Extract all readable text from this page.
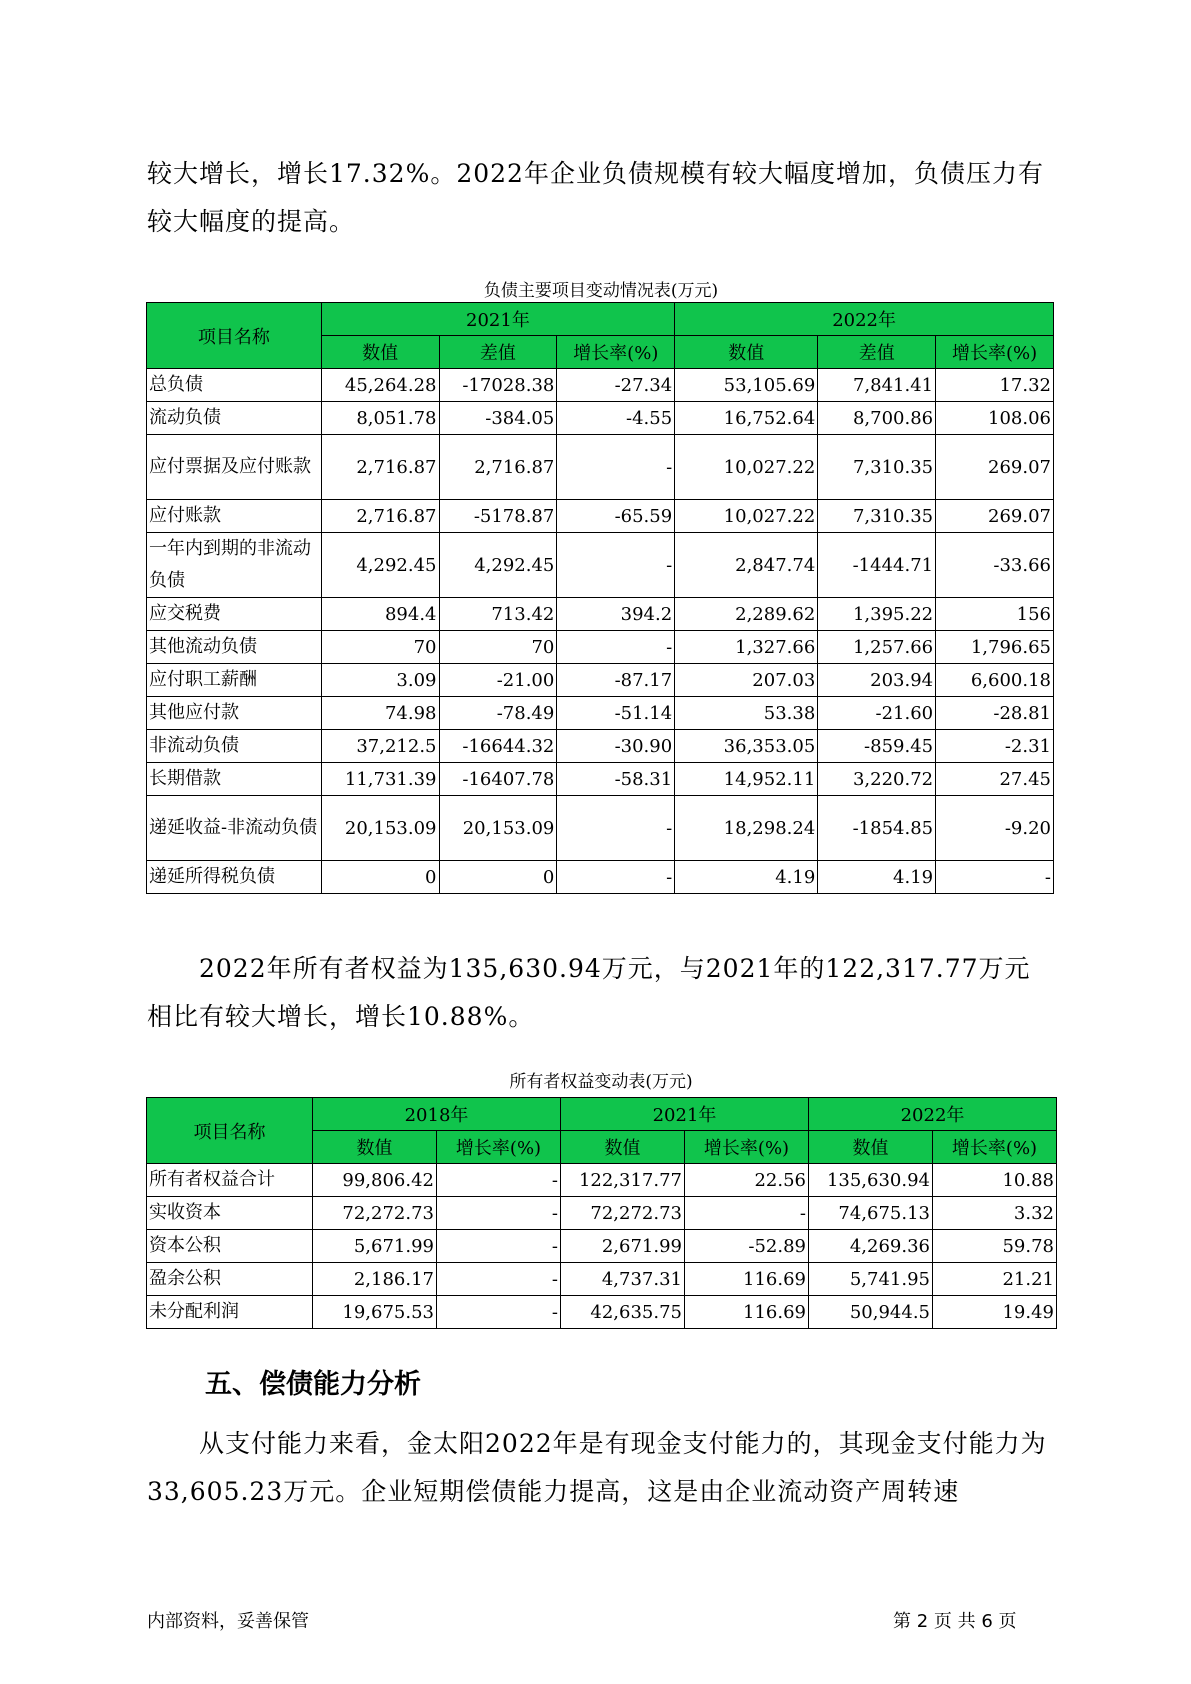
较大增长，增长17.32%。2022年企业负债规模有较大幅度增加，负债压力有较大幅度的提高。

负债主要项目变动情况表(万元)
项目名称	2021年			2022年		
	数值	差值	增长率(%)	数值	差值	增长率(%)
总负债	45,264.28	-17028.38	-27.34	53,105.69	7,841.41	17.32
流动负债	8,051.78	-384.05	-4.55	16,752.64	8,700.86	108.06
应付票据及应付账款	2,716.87	2,716.87	-	10,027.22	7,310.35	269.07
应付账款	2,716.87	-5178.87	-65.59	10,027.22	7,310.35	269.07
一年内到期的非流动负债	4,292.45	4,292.45	-	2,847.74	-1444.71	-33.66
应交税费	894.4	713.42	394.2	2,289.62	1,395.22	156
其他流动负债	70	70	-	1,327.66	1,257.66	1,796.65
应付职工薪酬	3.09	-21.00	-87.17	207.03	203.94	6,600.18
其他应付款	74.98	-78.49	-51.14	53.38	-21.60	-28.81
非流动负债	37,212.5	-16644.32	-30.90	36,353.05	-859.45	-2.31
长期借款	11,731.39	-16407.78	-58.31	14,952.11	3,220.72	27.45
递延收益-非流动负债	20,153.09	20,153.09	-	18,298.24	-1854.85	-9.20
递延所得税负债	0	0	-	4.19	4.19	-

2022年所有者权益为135,630.94万元，与2021年的122,317.77万元相比有较大增长，增长10.88%。

所有者权益变动表(万元)
项目名称	2018年		2021年		2022年	
	数值	增长率(%)	数值	增长率(%)	数值	增长率(%)
所有者权益合计	99,806.42	-	122,317.77	22.56	135,630.94	10.88
实收资本	72,272.73	-	72,272.73	-	74,675.13	3.32
资本公积	5,671.99	-	2,671.99	-52.89	4,269.36	59.78
盈余公积	2,186.17	-	4,737.31	116.69	5,741.95	21.21
未分配利润	19,675.53	-	42,635.75	116.69	50,944.5	19.49
五、偿债能力分析

从支付能力来看，金太阳2022年是有现金支付能力的，其现金支付能力为33,605.23万元。企业短期偿债能力提高，这是由企业流动资产周转速

内部资料，妥善保管	第 2 页 共 6 页
